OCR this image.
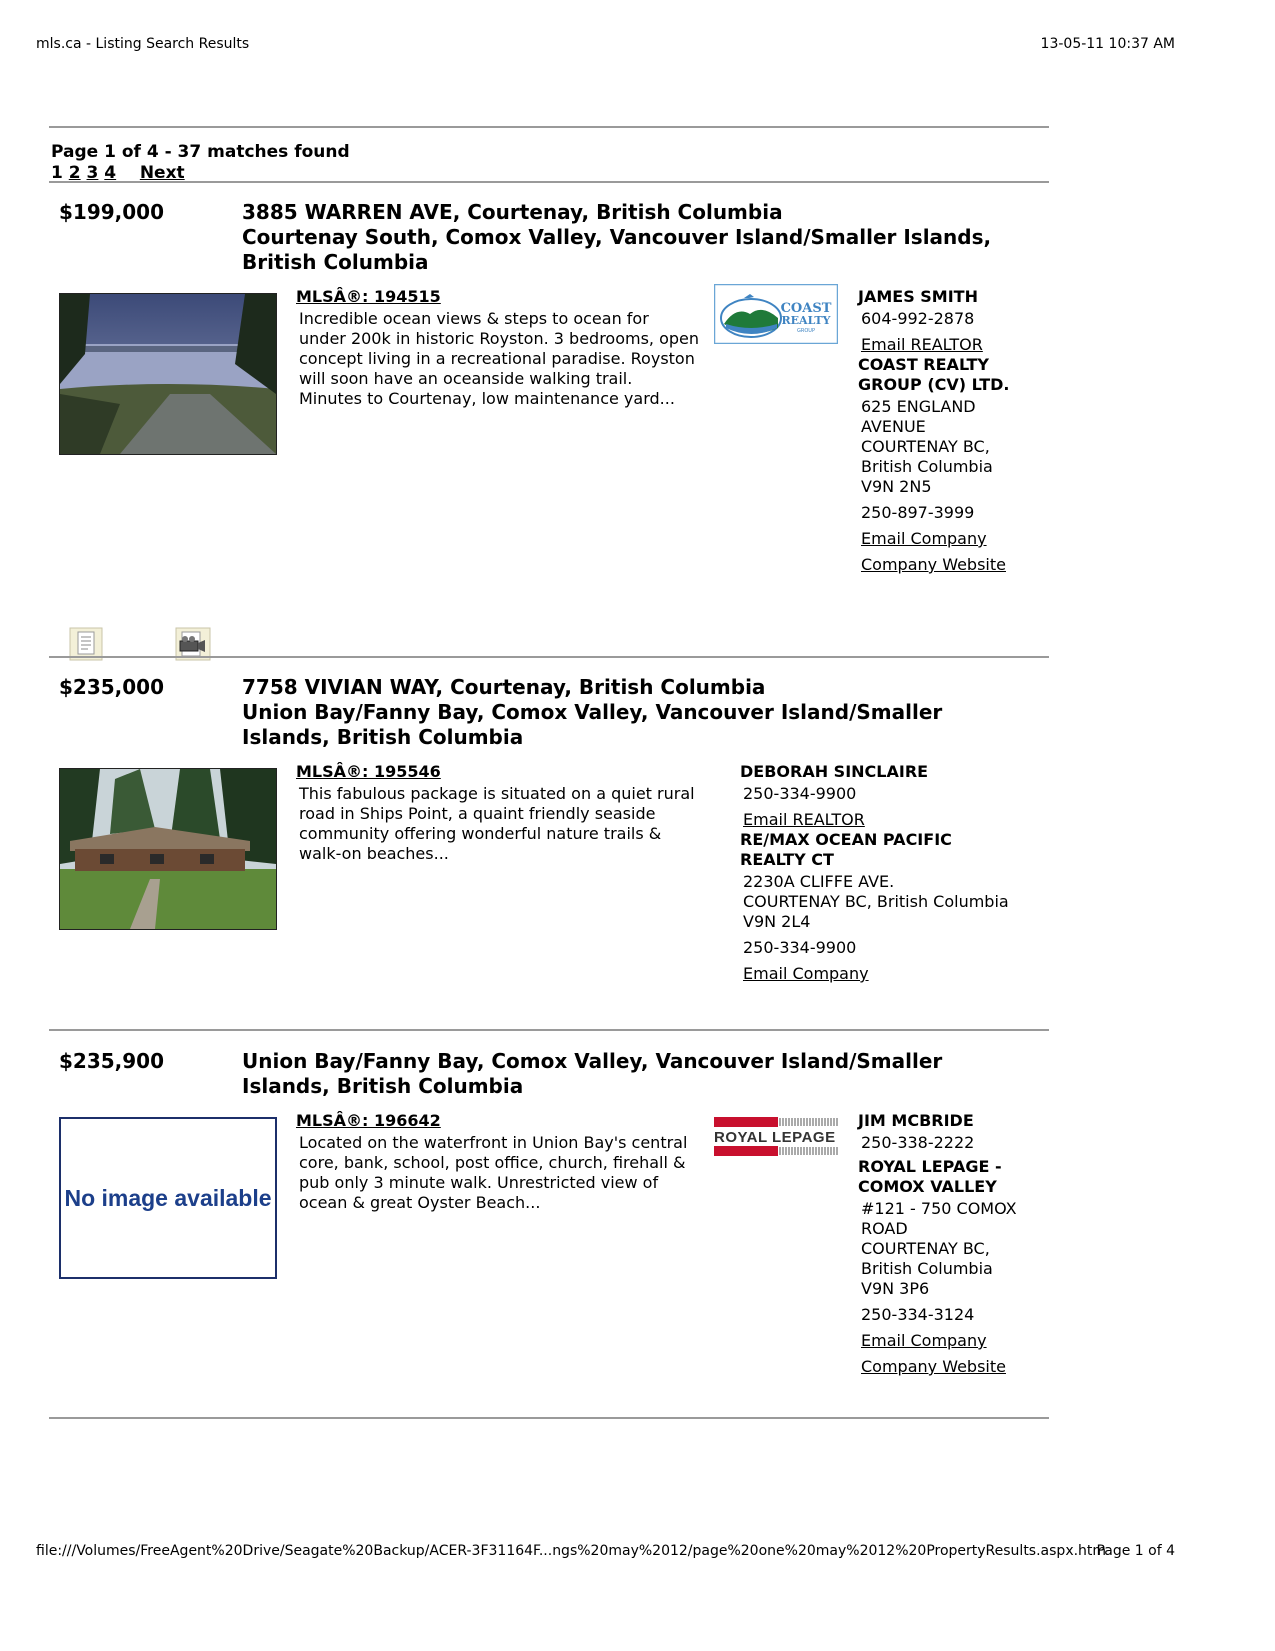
mls.ca - Listing Search Results	13-05-11 10:37 AM
Page 1 of 4 - 37 matches found
1 2 3 4 Next
$199,000	3885 WARREN AVE, Courtenay, British Columbia
Courtenay South, Comox Valley, Vancouver Island/Smaller Islands, British Columbia
MLSÂ®: 194515
Incredible ocean views & steps to ocean for under 200k in historic Royston. 3 bedrooms, open concept living in a recreational paradise. Royston will soon have an oceanside walking trail. Minutes to Courtenay, low maintenance yard...
COAST
REALTY
GROUP
JAMES SMITH
604-992-2878
Email REALTOR
COAST REALTY GROUP (CV) LTD.
625 ENGLAND
AVENUE
COURTENAY BC,
British Columbia
V9N 2N5
250-897-3999
Email Company
Company Website
$235,000	7758 VIVIAN WAY, Courtenay, British Columbia
Union Bay/Fanny Bay, Comox Valley, Vancouver Island/Smaller Islands, British Columbia
MLSÂ®: 195546
This fabulous package is situated on a quiet rural road in Ships Point, a quaint friendly seaside community offering wonderful nature trails & walk-on beaches...
DEBORAH SINCLAIRE
250-334-9900
Email REALTOR
RE/MAX OCEAN PACIFIC REALTY CT
2230A CLIFFE AVE.
COURTENAY BC, British Columbia
V9N 2L4
250-334-9900
Email Company
$235,900	Union Bay/Fanny Bay, Comox Valley, Vancouver Island/Smaller Islands, British Columbia
No image available
MLSÂ®: 196642
Located on the waterfront in Union Bay's central core, bank, school, post office, church, firehall & pub only 3 minute walk. Unrestricted view of ocean & great Oyster Beach...
ROYAL LEPAGE
JIM MCBRIDE
250-338-2222
ROYAL LEPAGE - COMOX VALLEY
#121 - 750 COMOX
ROAD
COURTENAY BC,
British Columbia
V9N 3P6
250-334-3124
Email Company
Company Website
file:///Volumes/FreeAgent%20Drive/Seagate%20Backup/ACER-3F31164F...ngs%20may%2012/page%20one%20may%2012%20PropertyResults.aspx.htm
Page 1 of 4
